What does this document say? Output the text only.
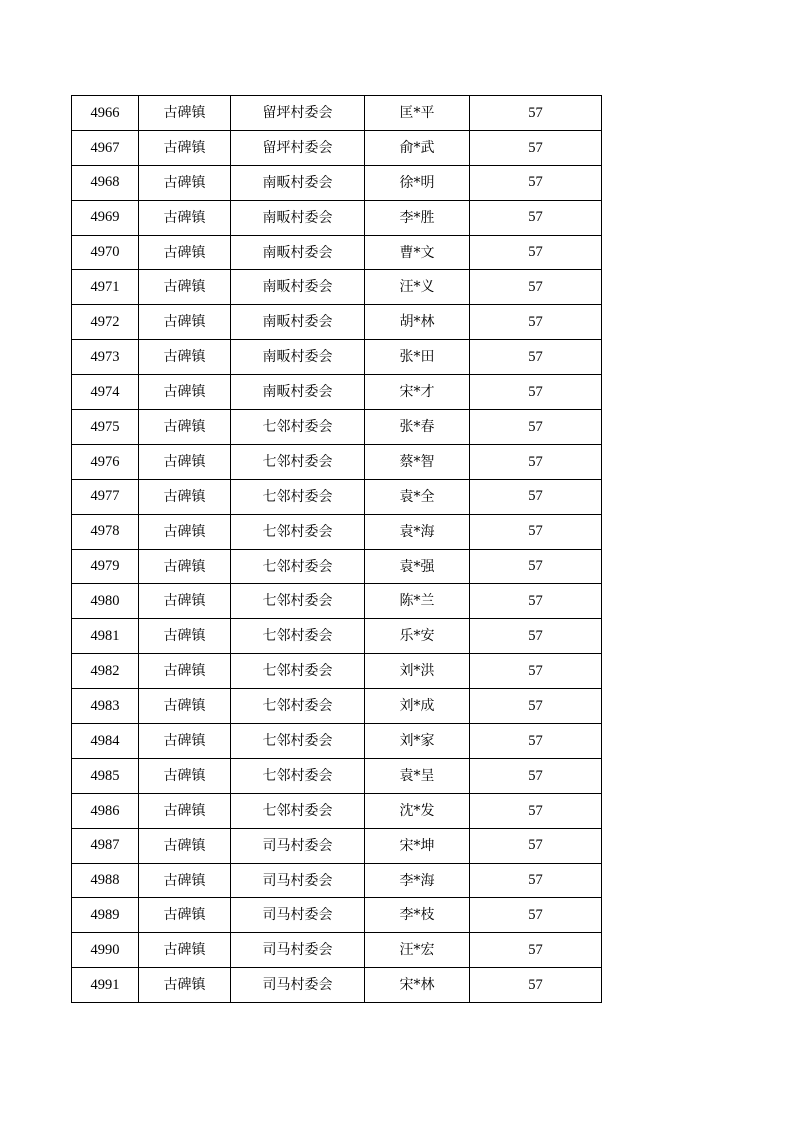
4966	古碑镇	留坪村委会	匡*平	57
4967	古碑镇	留坪村委会	俞*武	57
4968	古碑镇	南畈村委会	徐*明	57
4969	古碑镇	南畈村委会	李*胜	57
4970	古碑镇	南畈村委会	曹*文	57
4971	古碑镇	南畈村委会	汪*义	57
4972	古碑镇	南畈村委会	胡*林	57
4973	古碑镇	南畈村委会	张*田	57
4974	古碑镇	南畈村委会	宋*才	57
4975	古碑镇	七邻村委会	张*春	57
4976	古碑镇	七邻村委会	蔡*智	57
4977	古碑镇	七邻村委会	袁*全	57
4978	古碑镇	七邻村委会	袁*海	57
4979	古碑镇	七邻村委会	袁*强	57
4980	古碑镇	七邻村委会	陈*兰	57
4981	古碑镇	七邻村委会	乐*安	57
4982	古碑镇	七邻村委会	刘*洪	57
4983	古碑镇	七邻村委会	刘*成	57
4984	古碑镇	七邻村委会	刘*家	57
4985	古碑镇	七邻村委会	袁*呈	57
4986	古碑镇	七邻村委会	沈*发	57
4987	古碑镇	司马村委会	宋*坤	57
4988	古碑镇	司马村委会	李*海	57
4989	古碑镇	司马村委会	李*枝	57
4990	古碑镇	司马村委会	汪*宏	57
4991	古碑镇	司马村委会	宋*林	57
